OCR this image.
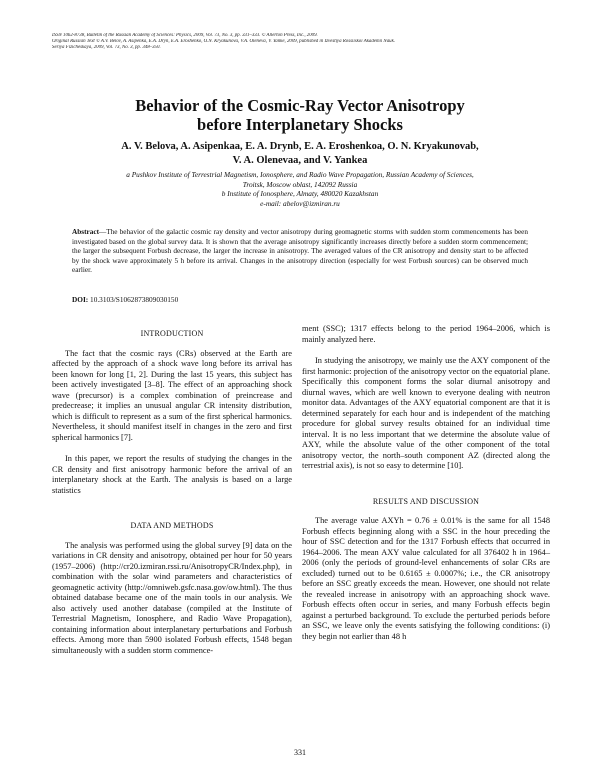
ISSN 1062-8738, Bulletin of the Russian Academy of Sciences: Physics, 2009, Vol. 73, No. 3, pp. 331–333. © Allerton Press, Inc., 2009.
Original Russian Text © A.V. Belov, A. Asipenka, E.A. Dryn, E.A. Eroshenko, O.N. Kryakunova, V.A. Oleneva, V. Yanke, 2009, published in Izvestiya Rossiiskoi Akademii Nauk.
Seriya Fizicheskaya, 2009, Vol. 73, No. 3, pp. 348–350.
Behavior of the Cosmic-Ray Vector Anisotropy
before Interplanetary Shocks
A. V. Belova, A. Asipenkaa, E. A. Drynb, E. A. Eroshenkoa, O. N. Kryakunovab,
V. A. Olenevaa, and V. Yankea
a Pushkov Institute of Terrestrial Magnetism, Ionosphere, and Radio Wave Propagation, Russian Academy of Sciences,
Troitsk, Moscow oblast, 142092 Russia
b Institute of Ionosphere, Almaty, 480020 Kazakhstan
e-mail: abelov@izmiran.ru
Abstract—The behavior of the galactic cosmic ray density and vector anisotropy during geomagnetic storms with sudden storm commencements has been investigated based on the global survey data. It is shown that the average anisotropy significantly increases directly before a sudden storm commencement; the larger the subsequent Forbush decrease, the larger the increase in anisotropy. The averaged values of the CR anisotropy and density start to be affected by the shock wave approximately 5 h before its arrival. Changes in the anisotropy direction (especially for west Forbush sources) can be observed much earlier.
DOI: 10.3103/S1062873809030150
INTRODUCTION

The fact that the cosmic rays (CRs) observed at the Earth are affected by the approach of a shock wave long before its arrival has been known for long [1, 2]. During the last 15 years, this subject has been actively investigated [3–8]. The effect of an approaching shock wave (precursor) is a complex combination of preincrease and predecrease; it implies an unusual angular CR intensity distribution, which is difficult to represent as a sum of the first spherical harmonics. Nevertheless, it should manifest itself in changes in the zero and first spherical harmonics [7].

In this paper, we report the results of studying the changes in the CR density and first anisotropy harmonic before the arrival of an interplanetary shock at the Earth. The analysis is based on a large statistics

DATA AND METHODS

The analysis was performed using the global survey [9] data on the variations in CR density and anisotropy, obtained per hour for 50 years (1957–2006) (http://cr20.izmiran.rssi.ru/AnisotropyCR/Index.php), in combination with the solar wind parameters and characteristics of geomagnetic activity (http://omniweb.gsfc.nasa.gov/ow.html). The thus obtained database became one of the main tools in our analysis. We also actively used another database (compiled at the Institute of Terrestrial Magnetism, Ionosphere, and Radio Wave Propagation), containing information about interplanetary perturbations and Forbush effects. Among more than 5900 isolated Forbush effects, 1548 began simultaneously with a sudden storm commence-

ment (SSC); 1317 effects belong to the period 1964–2006, which is mainly analyzed here.

In studying the anisotropy, we mainly use the AXY component of the first harmonic: projection of the anisotropy vector on the equatorial plane. Specifically this component forms the solar diurnal anisotropy and diurnal waves, which are well known to everyone dealing with neutron monitor data. Advantages of the AXY equatorial component are that it is determined separately for each hour and is independent of the matching procedure for global survey results obtained for an individual time interval. It is no less important that we determine the absolute value of AXY, while the absolute value of the other component of the total anisotropy vector, the north–south component AZ (directed along the terrestrial axis), is not so easy to determine [10].

RESULTS AND DISCUSSION

The average value AXYh = 0.76 ± 0.01% is the same for all 1548 Forbush effects beginning along with a SSC in the hour preceding the hour of SSC detection and for the 1317 Forbush effects that occurred in 1964–2006. The mean AXY value calculated for all 376402 h in 1964–2006 (only the periods of ground-level enhancements of solar CRs are excluded) turned out to be 0.6165 ± 0.0007%; i.e., the CR anisotropy before an SSC greatly exceeds the mean. However, one should not relate the revealed increase in anisotropy with an approaching shock wave. Forbush effects often occur in series, and many Forbush effects begin against a perturbed background. To exclude the perturbed periods before an SSC, we leave only the events satisfying the following conditions: (i) they begin not earlier than 48 h

331
